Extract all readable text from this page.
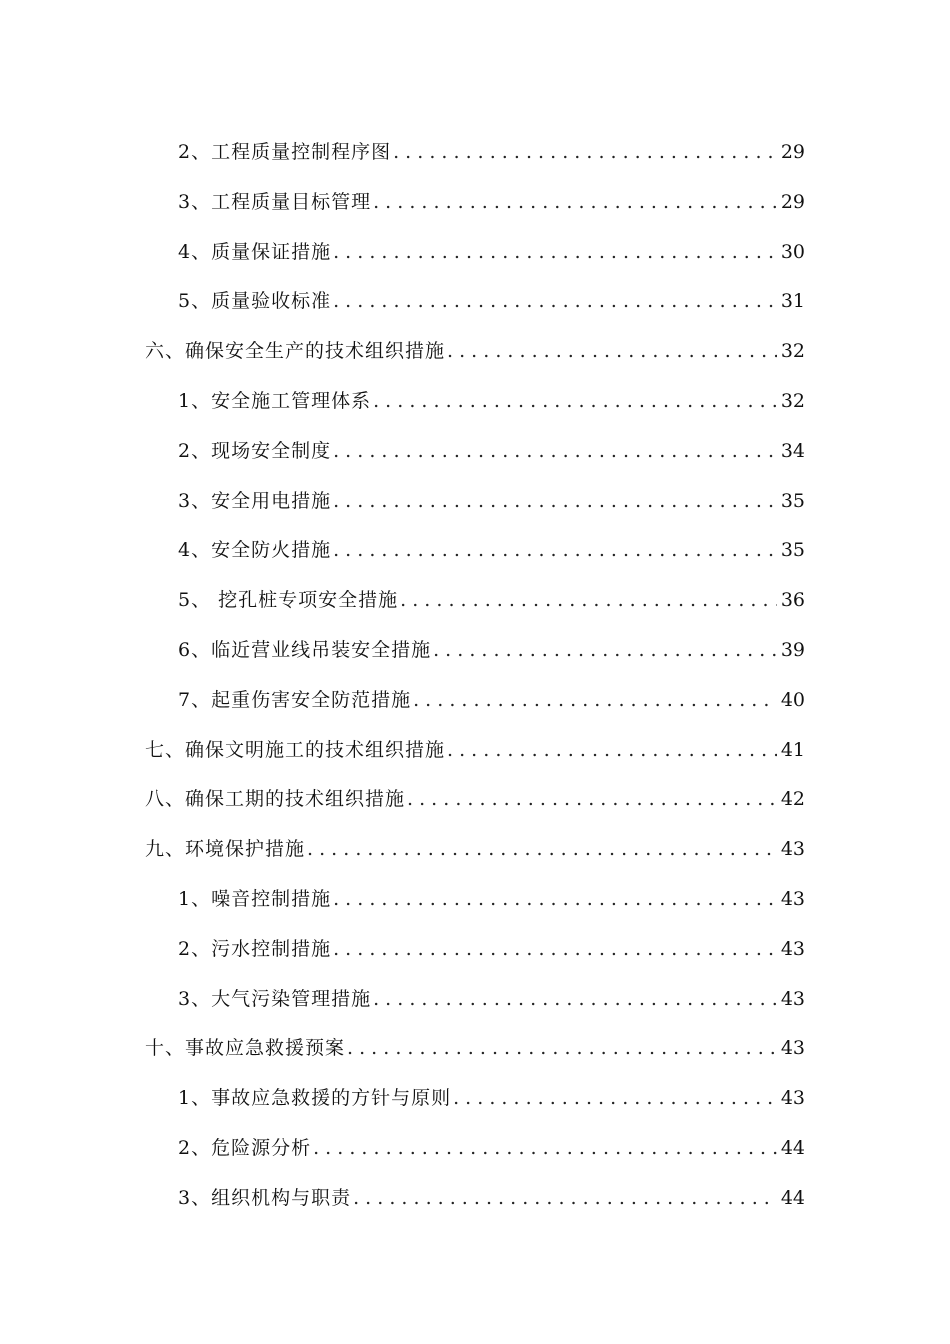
2、工程质量控制程序图 . . .	29
3、工程质量目标管理 . . .	29
4、质量保证措施 . . .	30
5、质量验收标准 . . .	31
六、确保安全生产的技术组织措施 . . .	32
1、安全施工管理体系 . . .	32
2、现场安全制度 . . .	34
3、安全用电措施 . . .	35
4、安全防火措施 . . .	35
5、 挖孔桩专项安全措施 . . .	36
6、临近营业线吊装安全措施 . . .	39
7、起重伤害安全防范措施 . . .	40
七、确保文明施工的技术组织措施 . . .	41
八、确保工期的技术组织措施 . . .	42
九、环境保护措施 . . .	43
1、噪音控制措施 . . .	43
2、污水控制措施 . . .	43
3、大气污染管理措施 . . .	43
十、事故应急救援预案 . . .	43
1、事故应急救援的方针与原则 . . .	43
2、危险源分析 . . .	44
3、组织机构与职责 . . .	44
